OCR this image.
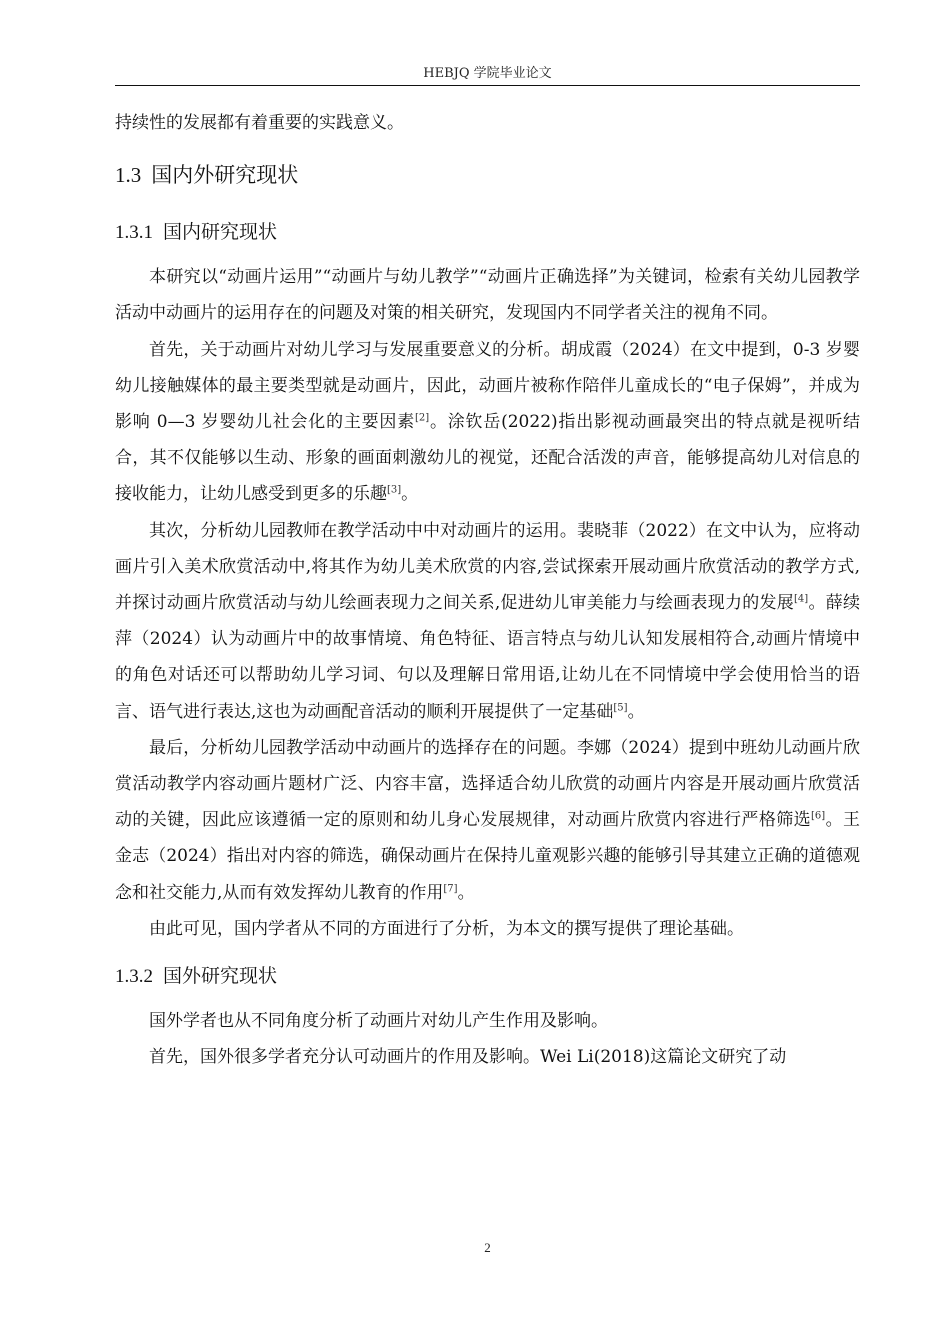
HEBJQ 学院毕业论文

持续性的发展都有着重要的实践意义。

1.3 国内外研究现状
1.3.1 国内研究现状

本研究以“动画片运用”“动画片与幼儿教学”“动画片正确选择”为关键词，检索有关幼儿园教学活动中动画片的运用存在的问题及对策的相关研究，发现国内不同学者关注的视角不同。

首先，关于动画片对幼儿学习与发展重要意义的分析。胡成霞（2024）在文中提到，0-3 岁婴幼儿接触媒体的最主要类型就是动画片，因此，动画片被称作陪伴儿童成长的“电子保姆”，并成为影响 0—3 岁婴幼儿社会化的主要因素[2]。涂钦岳(2022)指出影视动画最突出的特点就是视听结合，其不仅能够以生动、形象的画面刺激幼儿的视觉，还配合活泼的声音，能够提高幼儿对信息的接收能力，让幼儿感受到更多的乐趣[3]。

其次，分析幼儿园教师在教学活动中中对动画片的运用。裴晓菲（2022）在文中认为，应将动画片引入美术欣赏活动中,将其作为幼儿美术欣赏的内容,尝试探索开展动画片欣赏活动的教学方式,并探讨动画片欣赏活动与幼儿绘画表现力之间关系,促进幼儿审美能力与绘画表现力的发展[4]。薛续萍（2024）认为动画片中的故事情境、角色特征、语言特点与幼儿认知发展相符合,动画片情境中的角色对话还可以帮助幼儿学习词、句以及理解日常用语,让幼儿在不同情境中学会使用恰当的语言、语气进行表达,这也为动画配音活动的顺利开展提供了一定基础[5]。

最后，分析幼儿园教学活动中动画片的选择存在的问题。李娜（2024）提到中班幼儿动画片欣赏活动教学内容动画片题材广泛、内容丰富，选择适合幼儿欣赏的动画片内容是开展动画片欣赏活动的关键，因此应该遵循一定的原则和幼儿身心发展规律，对动画片欣赏内容进行严格筛选[6]。王金志（2024）指出对内容的筛选，确保动画片在保持儿童观影兴趣的能够引导其建立正确的道德观念和社交能力,从而有效发挥幼儿教育的作用[7]。

由此可见，国内学者从不同的方面进行了分析，为本文的撰写提供了理论基础。

1.3.2 国外研究现状

国外学者也从不同角度分析了动画片对幼儿产生作用及影响。

首先，国外很多学者充分认可动画片的作用及影响。Wei Li(2018)这篇论文研究了动

2
